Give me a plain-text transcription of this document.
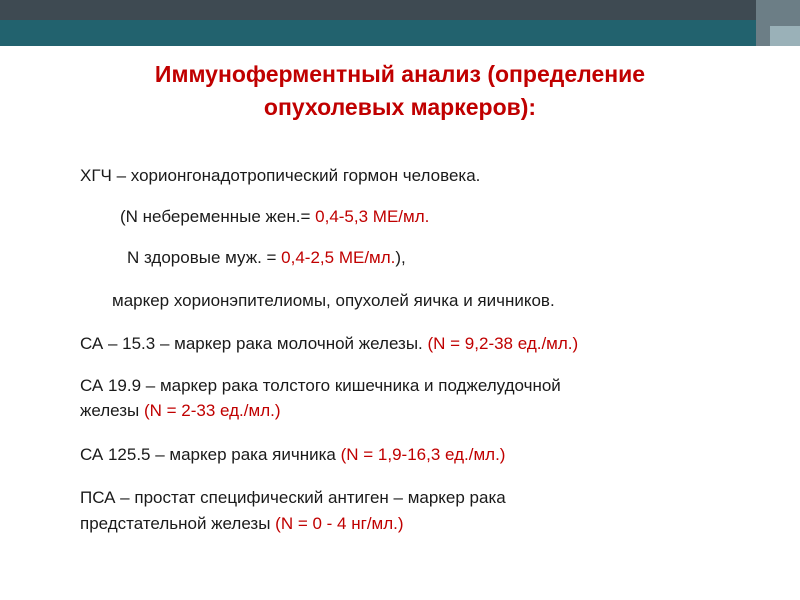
Иммуноферментный анализ (определение
опухолевых маркеров):
ХГЧ – хорионгонадотропический гормон человека.
(N небеременные жен.= 0,4-5,3 МЕ/мл.
N здоровые муж. = 0,4-2,5 МЕ/мл.),
маркер хорионэпителиомы, опухолей яичка и яичников.
СА – 15.3 – маркер рака молочной железы. (N = 9,2-38 ед./мл.)
СА 19.9 – маркер рака толстого кишечника и поджелудочной
железы (N = 2-33 ед./мл.)
СА 125.5 – маркер рака яичника (N = 1,9-16,3 ед./мл.)
ПСА – простат специфический антиген – маркер рака
предстательной железы (N = 0 - 4 нг/мл.)
